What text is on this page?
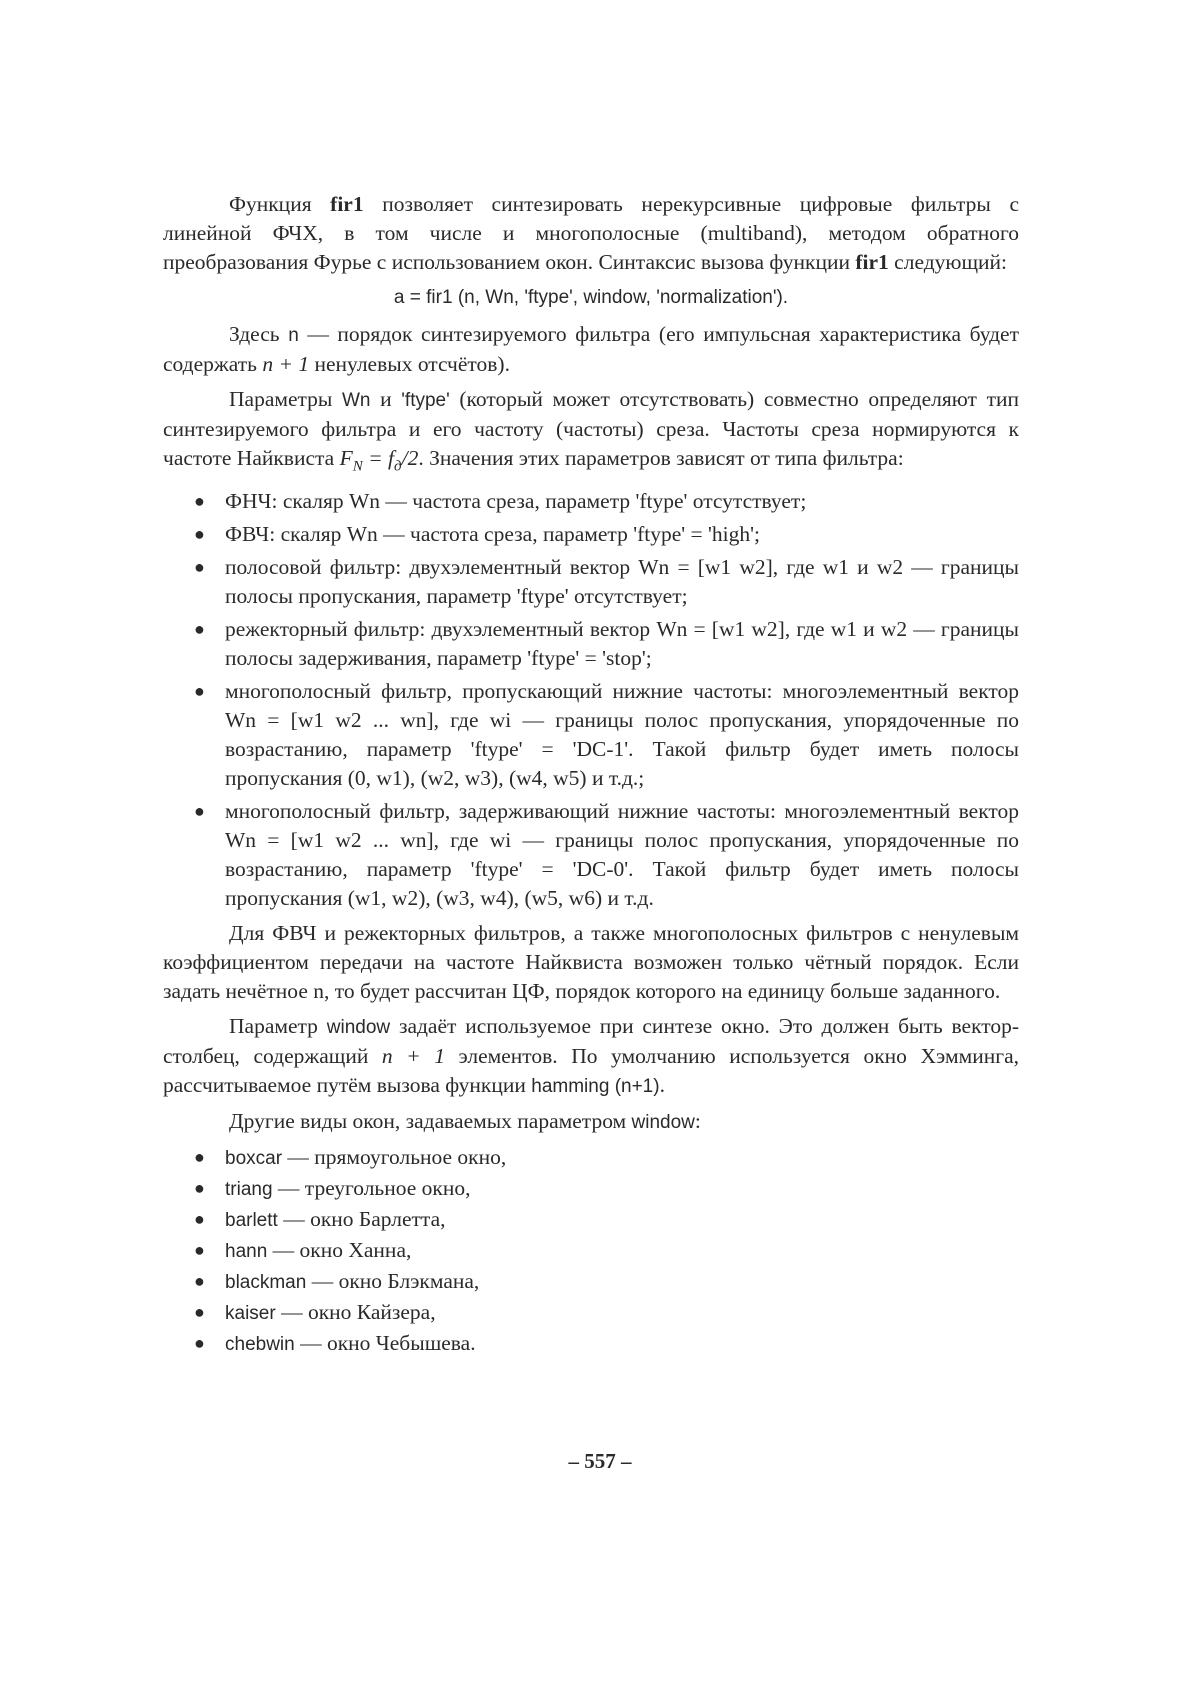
Функция fir1 позволяет синтезировать нерекурсивные цифровые фильтры с линейной ФЧХ, в том числе и многополосные (multiband), методом обратного преобразования Фурье с использованием окон. Синтаксис вызова функции fir1 следующий:

a = fir1 (n, Wn, 'ftype', window, 'normalization').

Здесь n — порядок синтезируемого фильтра (его импульсная характеристика будет содержать n + 1 ненулевых отсчётов).

Параметры Wn и 'ftype' (который может отсутствовать) совместно определяют тип синтезируемого фильтра и его частоту (частоты) среза. Частоты среза нормируются к частоте Найквиста $F_N = f_д/2$. Значения этих параметров зависят от типа фильтра:

● ФНЧ: скаляр Wn — частота среза, параметр 'ftype' отсутствует;
● ФВЧ: скаляр Wn — частота среза, параметр 'ftype' = 'high';
● полосовой фильтр: двухэлементный вектор Wn = [w1 w2], где w1 и w2 — границы полосы пропускания, параметр 'ftype' отсутствует;
● режекторный фильтр: двухэлементный вектор Wn = [w1 w2], где w1 и w2 — границы полосы задерживания, параметр 'ftype' = 'stop';
● многополосный фильтр, пропускающий нижние частоты: многоэлементный вектор Wn = [w1 w2 ... wn], где wi — границы полос пропускания, упорядоченные по возрастанию, параметр 'ftype' = 'DC-1'. Такой фильтр будет иметь полосы пропускания (0, w1), (w2, w3), (w4, w5) и т.д.;
● многополосный фильтр, задерживающий нижние частоты: многоэлементный вектор Wn = [w1 w2 ... wn], где wi — границы полос пропускания, упорядоченные по возрастанию, параметр 'ftype' = 'DC-0'. Такой фильтр будет иметь полосы пропускания (w1, w2), (w3, w4), (w5, w6) и т.д.

Для ФВЧ и режекторных фильтров, а также многополосных фильтров с ненулевым коэффициентом передачи на частоте Найквиста возможен только чётный порядок. Если задать нечётное n, то будет рассчитан ЦФ, порядок которого на единицу больше заданного.

Параметр window задаёт используемое при синтезе окно. Это должен быть вектор-столбец, содержащий n + 1 элементов. По умолчанию используется окно Хэмминга, рассчитываемое путём вызова функции hamming (n+1).

Другие виды окон, задаваемых параметром window:

● boxcar — прямоугольное окно,
● triang — треугольное окно,
● barlett — окно Барлетта,
● hann — окно Ханна,
● blackman — окно Блэкмана,
● kaiser — окно Кайзера,
● chebwin — окно Чебышева.
– 557 –
